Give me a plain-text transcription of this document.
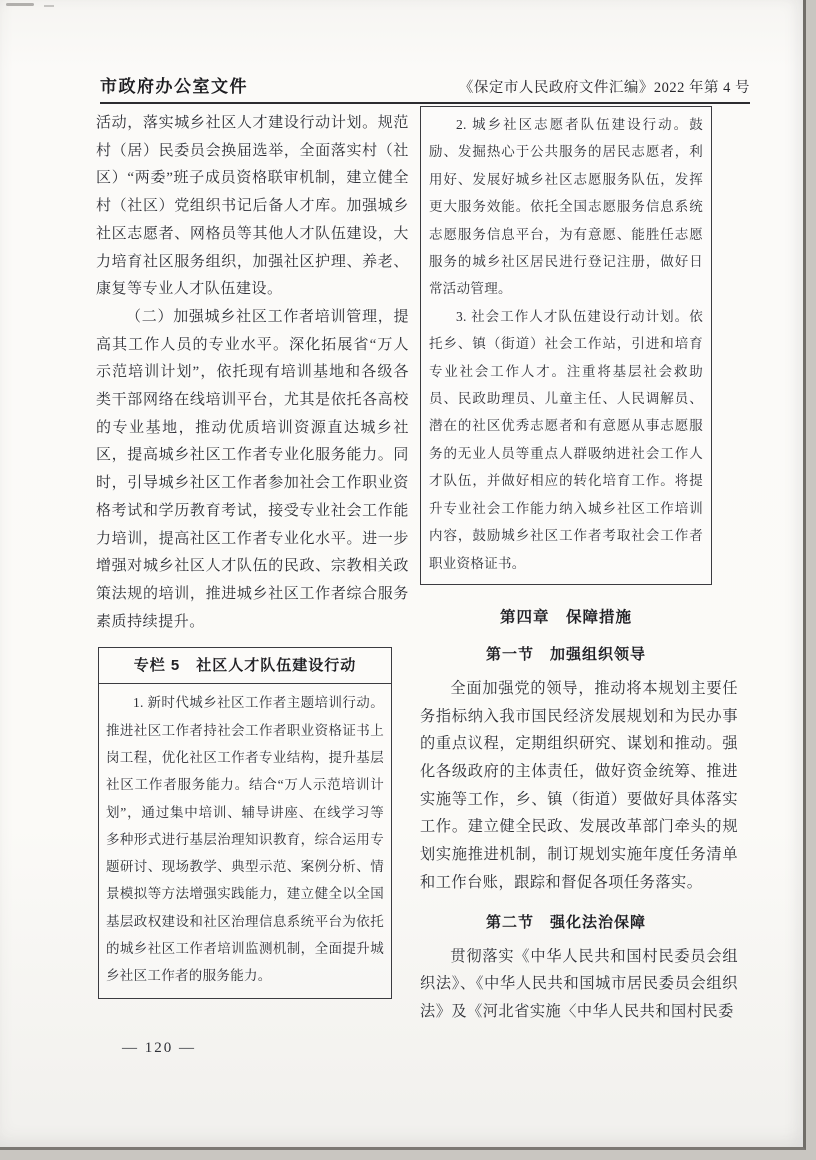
市政府办公室文件	《保定市人民政府文件汇编》2022 年第 4 号

活动，落实城乡社区人才建设行动计划。规范村（居）民委员会换届选举，全面落实村（社区）“两委”班子成员资格联审机制，建立健全村（社区）党组织书记后备人才库。加强城乡社区志愿者、网格员等其他人才队伍建设，大力培育社区服务组织，加强社区护理、养老、康复等专业人才队伍建设。

（二）加强城乡社区工作者培训管理，提高其工作人员的专业水平。深化拓展省“万人示范培训计划”，依托现有培训基地和各级各类干部网络在线培训平台，尤其是依托各高校的专业基地，推动优质培训资源直达城乡社区，提高城乡社区工作者专业化服务能力。同时，引导城乡社区工作者参加社会工作职业资格考试和学历教育考试，接受专业社会工作能力培训，提高社区工作者专业化水平。进一步增强对城乡社区人才队伍的民政、宗教相关政策法规的培训，推进城乡社区工作者综合服务素质持续提升。

专栏 5　社区人才队伍建设行动

1. 新时代城乡社区工作者主题培训行动。推进社区工作者持社会工作者职业资格证书上岗工程，优化社区工作者专业结构，提升基层社区工作者服务能力。结合“万人示范培训计划”，通过集中培训、辅导讲座、在线学习等多种形式进行基层治理知识教育，综合运用专题研讨、现场教学、典型示范、案例分析、情景模拟等方法增强实践能力，建立健全以全国基层政权建设和社区治理信息系统平台为依托的城乡社区工作者培训监测机制，全面提升城乡社区工作者的服务能力。

2. 城乡社区志愿者队伍建设行动。鼓励、发掘热心于公共服务的居民志愿者，利用好、发展好城乡社区志愿服务队伍，发挥更大服务效能。依托全国志愿服务信息系统志愿服务信息平台，为有意愿、能胜任志愿服务的城乡社区居民进行登记注册，做好日常活动管理。

3. 社会工作人才队伍建设行动计划。依托乡、镇（街道）社会工作站，引进和培育专业社会工作人才。注重将基层社会救助员、民政助理员、儿童主任、人民调解员、潜在的社区优秀志愿者和有意愿从事志愿服务的无业人员等重点人群吸纳进社会工作人才队伍，并做好相应的转化培育工作。将提升专业社会工作能力纳入城乡社区工作培训内容，鼓励城乡社区工作者考取社会工作者职业资格证书。

第四章　保障措施
第一节　加强组织领导

全面加强党的领导，推动将本规划主要任务指标纳入我市国民经济发展规划和为民办事的重点议程，定期组织研究、谋划和推动。强化各级政府的主体责任，做好资金统筹、推进实施等工作，乡、镇（街道）要做好具体落实工作。建立健全民政、发展改革部门牵头的规划实施推进机制，制订规划实施年度任务清单和工作台账，跟踪和督促各项任务落实。

第二节　强化法治保障

贯彻落实《中华人民共和国村民委员会组织法》、《中华人民共和国城市居民委员会组织法》及《河北省实施〈中华人民共和国村民委

— 120 —
